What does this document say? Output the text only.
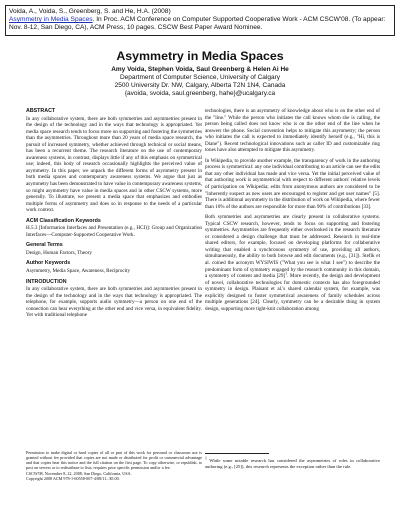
Voida, A., Voida, S., Greenberg, S. and He, H.A. (2008)
Asymmetry in Media Spaces. In Proc. ACM Conference on Computer Supported Cooperative Work - ACM CSCW'08. (To appear: Nov. 8-12, San Diego, CA), ACM Press, 10 pages. CSCW Best Paper Award Nominee.
Asymmetry in Media Spaces
Amy Voida, Stephen Voida, Saul Greenberg & Helen Ai He
Department of Computer Science, University of Calgary
2500 University Dr. NW, Calgary, Alberta T2N 1N4, Canada
{avoida, svoida, saul.greenberg, hahe}@ucalgary.ca
ABSTRACT

In any collaborative system, there are both symmetries and asymmetries present in the design of the technology and in the ways that technology is appropriated. Yet media space research tends to focus more on supporting and fostering the symmetries than the asymmetries. Throughout more than 20 years of media space research, the pursuit of increased symmetry, whether achieved through technical or social means, has been a recurrent theme. The research literature on the use of contemporary awareness systems, in contrast, displays little if any of this emphasis on symmetrical use; indeed, this body of research occasionally highlights the perceived value of asymmetry. In this paper, we unpack the different forms of asymmetry present in both media spaces and contemporary awareness systems. We argue that just as asymmetry has been demonstrated to have value in contemporary awareness systems, so might asymmetry have value in media spaces and in other CSCW systems, more generally. To illustrate, we present a media space that emphasizes and embodies multiple forms of asymmetry and does so in response to the needs of a particular work context.

ACM Classification Keywords

H.5.3 [Information Interfaces and Presentation (e.g., HCI)]: Group and Organization Interfaces—Computer-Supported Cooperative Work.

General Terms

Design, Human Factors, Theory

Author Keywords

Asymmetry, Media Space, Awareness, Reciprocity

INTRODUCTION

In any collaborative system, there are both symmetries and asymmetries present in the design of the technology and in the ways that technology is appropriated. The telephone, for example, supports audio symmetry—a person on one end of the connection can hear everything at the other end and vice versa, in equivalent fidelity. Yet with traditional telephone

Permission to make digital or hard copies of all or part of this work for personal or classroom use is granted without fee provided that copies are not made or distributed for profit or commercial advantage and that copies bear this notice and the full citation on the first page. To copy otherwise, or republish, to post on servers or to redistribute to lists, requires prior specific permission and/or a fee.
CSCW'08, November 8–12, 2008, San Diego, California, USA.
Copyright 2008 ACM 978-1-60558-007-4/08/11...$5.00.

technologies, there is an asymmetry of knowledge about who is on the other end of the "line." While the person who initiates the call knows whom she is calling, the person being called does not know who is on the other end of the line when he answers the phone. Social convention helps to mitigate this asymmetry; the person who initiates the call is expected to immediately identify herself (e.g., "Hi, this is Diane"). Recent technological innovations such as caller ID and customizable ring tones have also attempted to mitigate this asymmetry.

In Wikipedia, to provide another example, the transparency of work in the authoring process is symmetrical: any one individual contributing to an article can see the edits that any other individual has made and vice versa. Yet the initial perceived value of that authoring work is asymmetrical with respect to different authors' relative levels of participation on Wikipedia; edits from anonymous authors are considered to be "inherently suspect as new users are encouraged to register and get user names" [5]. There is additional asymmetry in the distribution of work on Wikipedia, where fewer than 10% of the authors are responsible for more than 90% of contributions [33].

Both symmetries and asymmetries are clearly present in collaborative systems. Typical CSCW research, however, tends to focus on supporting and fostering symmetries. Asymmetries are frequently either overlooked in the research literature or considered a design challenge that must be addressed. Research in real-time shared editors, for example, focused on developing platforms for collaborative writing that enabled a synchronous symmetry of use, providing all authors, simultaneously, the ability to both browse and edit documents (e.g., [31]). Stefik et al. coined the acronym WYSIWIS ("What you see is what I see") to describe the predominant form of symmetry engaged by the research community in this domain, a symmetry of content and media $[29]^1$. More recently, the design and development of novel, collaborative technologies for domestic contexts has also foregrounded symmetry in design. Plaisant et al.'s shared calendar system, for example, was explicitly designed to foster symmetrical awareness of family schedules across multiple generations [24]. Clearly, symmetry can be a desirable thing in system design, supporting more tight-knit collaboration among

$^1$ While some notable research has considered the asymmetries of roles in collaborative authoring (e.g., [25]), this research represents the exception rather than the rule.
